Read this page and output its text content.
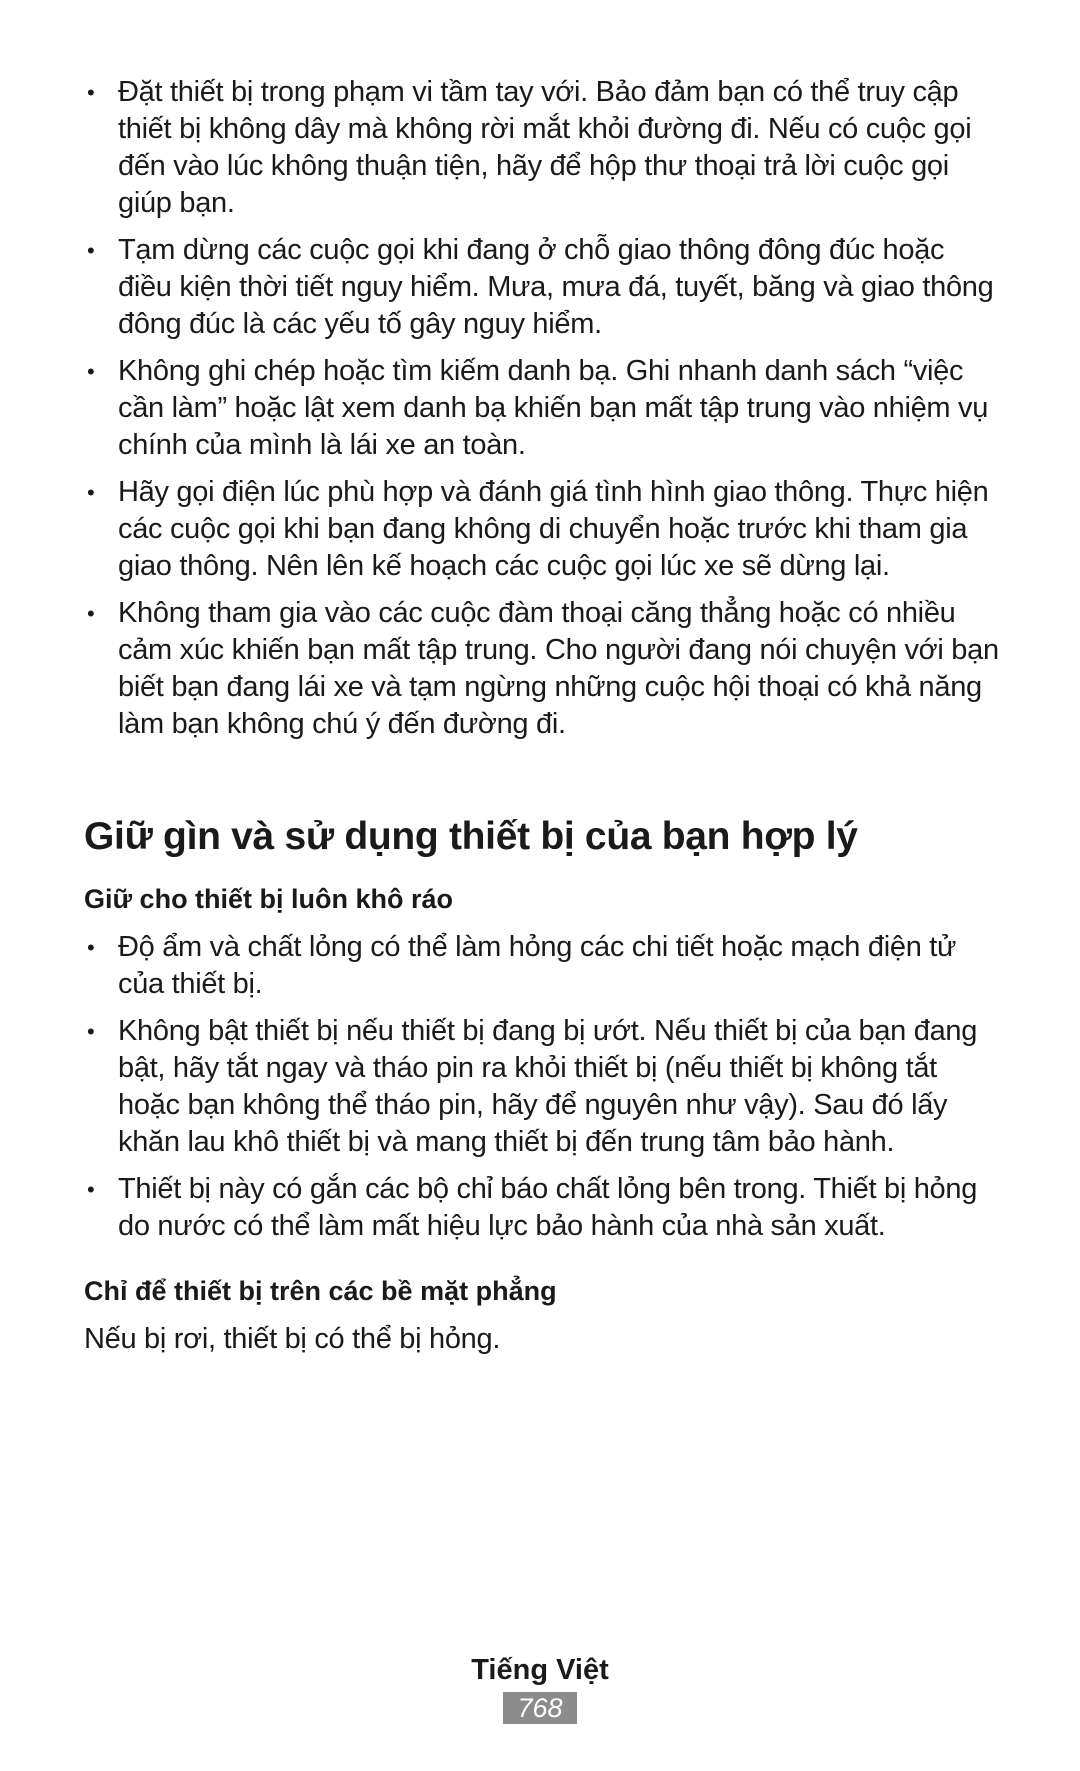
• Đặt thiết bị trong phạm vi tầm tay với. Bảo đảm bạn có thể truy cập thiết bị không dây mà không rời mắt khỏi đường đi. Nếu có cuộc gọi đến vào lúc không thuận tiện, hãy để hộp thư thoại trả lời cuộc gọi giúp bạn.
• Tạm dừng các cuộc gọi khi đang ở chỗ giao thông đông đúc hoặc điều kiện thời tiết nguy hiểm. Mưa, mưa đá, tuyết, băng và giao thông đông đúc là các yếu tố gây nguy hiểm.
• Không ghi chép hoặc tìm kiếm danh bạ. Ghi nhanh danh sách “việc cần làm” hoặc lật xem danh bạ khiến bạn mất tập trung vào nhiệm vụ chính của mình là lái xe an toàn.
• Hãy gọi điện lúc phù hợp và đánh giá tình hình giao thông. Thực hiện các cuộc gọi khi bạn đang không di chuyển hoặc trước khi tham gia giao thông. Nên lên kế hoạch các cuộc gọi lúc xe sẽ dừng lại.
• Không tham gia vào các cuộc đàm thoại căng thẳng hoặc có nhiều cảm xúc khiến bạn mất tập trung. Cho người đang nói chuyện với bạn biết bạn đang lái xe và tạm ngừng những cuộc hội thoại có khả năng làm bạn không chú ý đến đường đi.
Giữ gìn và sử dụng thiết bị của bạn hợp lý
Giữ cho thiết bị luôn khô ráo
• Độ ẩm và chất lỏng có thể làm hỏng các chi tiết hoặc mạch điện tử của thiết bị.
• Không bật thiết bị nếu thiết bị đang bị ướt. Nếu thiết bị của bạn đang bật, hãy tắt ngay và tháo pin ra khỏi thiết bị (nếu thiết bị không tắt hoặc bạn không thể tháo pin, hãy để nguyên như vậy). Sau đó lấy khăn lau khô thiết bị và mang thiết bị đến trung tâm bảo hành.
• Thiết bị này có gắn các bộ chỉ báo chất lỏng bên trong. Thiết bị hỏng do nước có thể làm mất hiệu lực bảo hành của nhà sản xuất.
Chỉ để thiết bị trên các bề mặt phẳng

Nếu bị rơi, thiết bị có thể bị hỏng.

Tiếng Việt
768
